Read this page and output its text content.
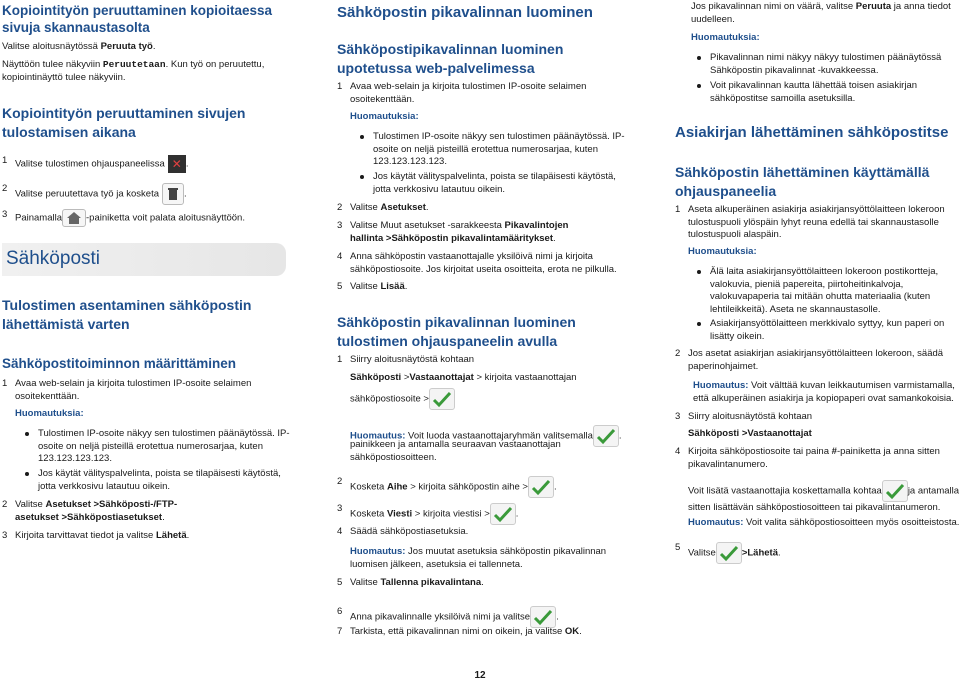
Kopiointityön peruuttaminen kopioitaessa sivuja skannaustasolta

Valitse aloitusnäytössä Peruuta työ.

Näyttöön tulee näkyviin Peruutetaan. Kun työ on peruutettu, kopiointinäyttö tulee näkyviin.

Kopiointityön peruuttaminen sivujen tulostamisen aikana
1 Valitse tulostimen ohjauspaneelissa ✕ .
2
Valitse peruutettava työ ja kosketa	.
3 Painamalla	-painiketta voit palata aloitusnäyttöön.
Tulostimen asentaminen sähköpostin lähettämistä varten
Sähköpostitoiminnon määrittäminen
1 Avaa web-selain ja kirjoita tulostimen IP-osoite selaimen osoitekenttään.

Huomautuksia:

Tulostimen IP-osoite näkyy sen tulostimen päänäytössä. IP-osoite on neljä pisteillä erotettua numerosarjaa, kuten 123.123.123.123.
Jos käytät välityspalvelinta, poista se tilapäisesti käytöstä, jotta verkkosivu latautuu oikein.
2 Valitse Asetukset >Sähköposti-/FTP-asetukset >Sähköpostiasetukset.
3 Kirjoita tarvittavat tiedot ja valitse Lähetä.
Sähköposti
Sähköpostin pikavalinnan luominen
Sähköpostipikavalinnan luominen upotetussa web-palvelimessa
1 Avaa web-selain ja kirjoita tulostimen IP-osoite selaimen osoitekenttään.

Huomautuksia:

Tulostimen IP-osoite näkyy sen tulostimen päänäytössä. IP-osoite on neljä pisteillä erotettua numerosarjaa, kuten 123.123.123.123.
Jos käytät välityspalvelinta, poista se tilapäisesti käytöstä, jotta verkkosivu latautuu oikein.
2 Valitse Asetukset.
3 Valitse Muut asetukset -sarakkeesta Pikavalintojen hallinta >Sähköpostin pikavalintamääritykset.
4 Anna sähköpostin vastaanottajalle yksilöivä nimi ja kirjoita sähköpostiosoite. Jos kirjoitat useita osoitteita, erota ne pilkulla.
5 Valitse Lisää.
Sähköpostin pikavalinnan luominen tulostimen ohjauspaneelin avulla
1 Siirry aloitusnäytöstä kohtaan

Sähköposti >Vastaanottajat > kirjoita vastaanottajan

sähköpostiosoite >

Huomautus: Voit luoda vastaanottajaryhmän valitsemalla	.

painikkeen ja antamalla seuraavan vastaanottajan sähköpostiosoitteen.

2
Kosketa Aihe > kirjoita sähköpostin aihe >	.
3
Kosketa Viesti > kirjoita viestisi >	.
4 Säädä sähköpostiasetuksia.

Huomautus: Jos muutat asetuksia sähköpostin pikavalinnan luomisen jälkeen, asetuksia ei tallenneta.

5 Valitse Tallenna pikavalintana.
6
Anna pikavalinnalle yksilöivä nimi ja valitse	.
7 Tarkista, että pikavalinnan nimi on oikein, ja valitse OK.

Jos pikavalinnan nimi on väärä, valitse Peruuta ja anna tiedot uudelleen.

Huomautuksia:

Pikavalinnan nimi näkyy näkyy tulostimen päänäytössä Sähköpostin pikavalinnat -kuvakkeessa.
Voit pikavalinnan kautta lähettää toisen asiakirjan sähköpostitse samoilla asetuksilla.
Asiakirjan lähettäminen sähköpostitse
Sähköpostin lähettäminen käyttämällä ohjauspaneelia
1 Aseta alkuperäinen asiakirja asiakirjansyöttölaitteen lokeroon tulostuspuoli ylöspäin lyhyt reuna edellä tai skannaustasolle tulostuspuoli alaspäin.

Huomautuksia:

Älä laita asiakirjansyöttölaitteen lokeroon postikortteja, valokuvia, pieniä papereita, piirtoheitinkalvoja, valokuvapaperia tai mitään ohutta materiaalia (kuten lehtileikkeitä). Aseta ne skannaustasolle.
Asiakirjansyöttölaitteen merkkivalo syttyy, kun paperi on lisätty oikein.
2 Jos asetat asiakirjan asiakirjansyöttölaitteen lokeroon, säädä paperinohjaimet.

Huomautus: Voit välttää kuvan leikkautumisen varmistamalla, että alkuperäinen asiakirja ja kopiopaperi ovat samankokoisia.

3 Siirry aloitusnäytöstä kohtaan

Sähköposti >Vastaanottajat

4 Kirjoita sähköpostiosoite tai paina #-painiketta ja anna sitten pikavalintanumero.

Voit lisätä vastaanottajia koskettamalla kohtaa	ja antamalla sitten lisättävän sähköpostiosoitteen tai pikavalintanumeron.

Huomautus: Voit valita sähköpostiosoitteen myös osoitteistosta.

5
Valitse	>Lähetä.
12
